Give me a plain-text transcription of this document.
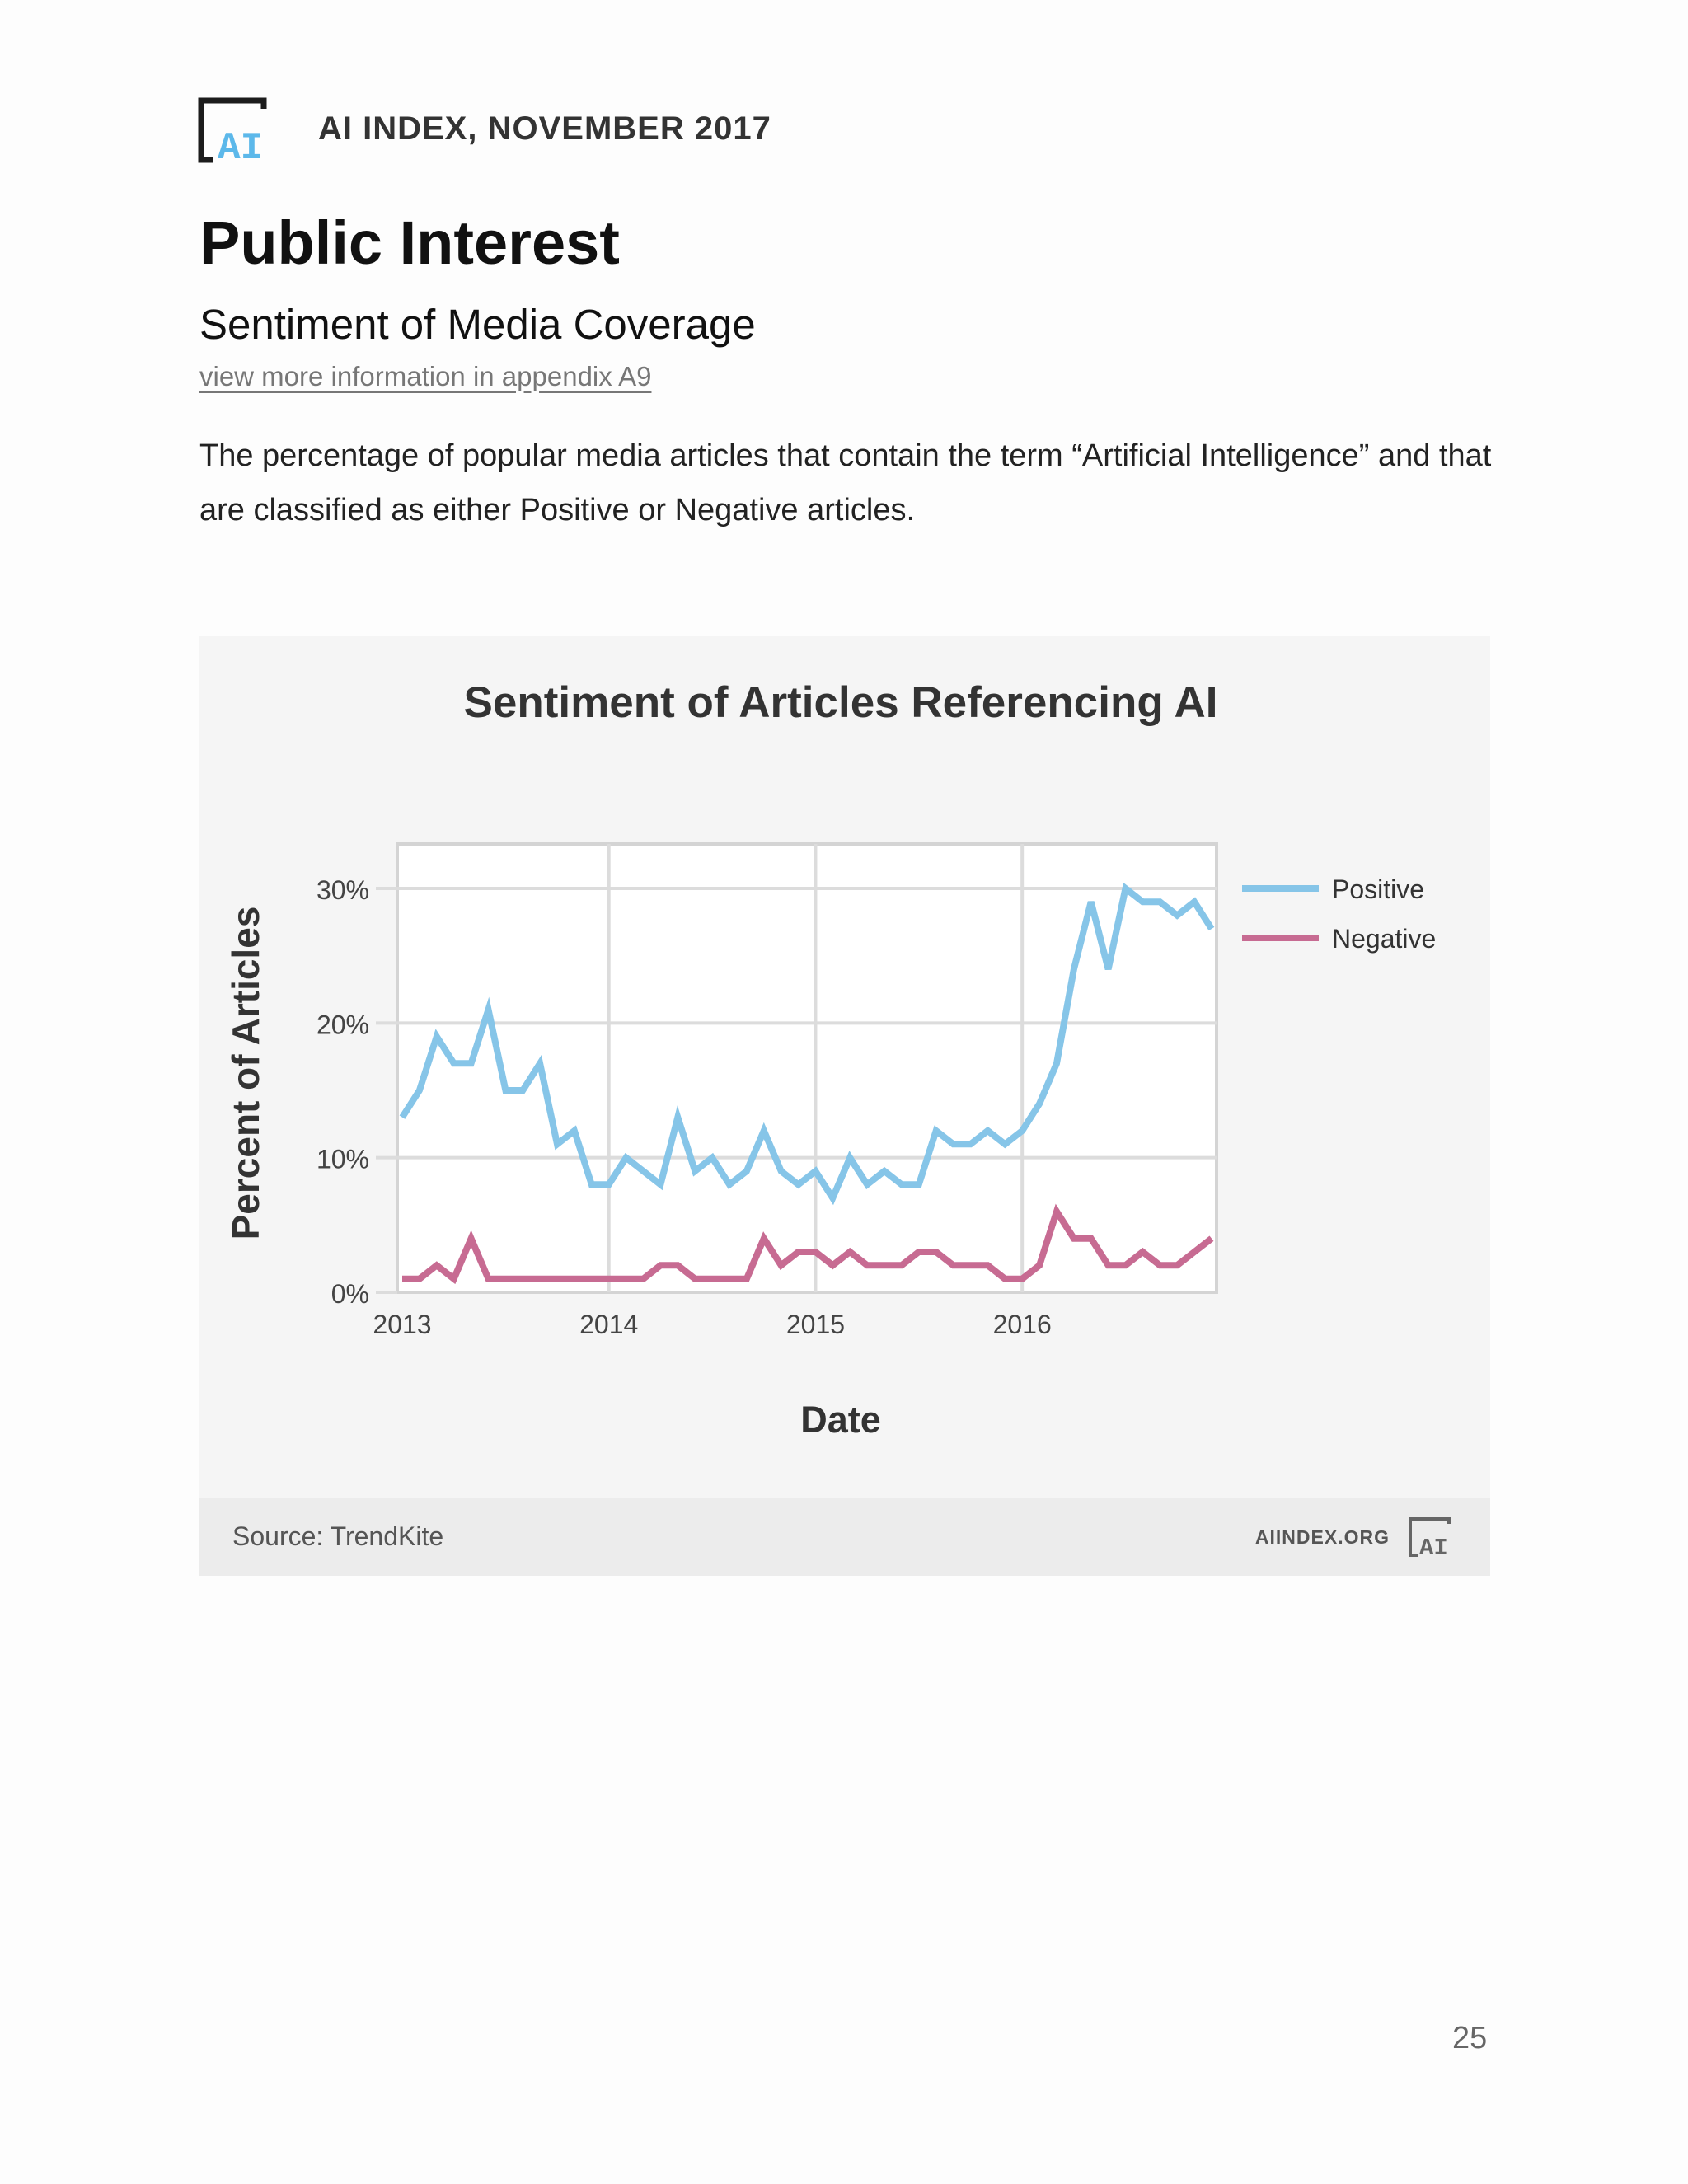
AI AI INDEX, NOVEMBER 2017
Public Interest
Sentiment of Media Coverage
view more information in appendix A9
The percentage of popular media articles that contain the term “Artificial Intelligence” and that are classified as either Positive or Negative articles.
Sentiment of Articles Referencing AI
0%
10%
20%
30%
2013	2014	2015	2016
Date
Percent of Articles
Positive
Negative
Source: TrendKite	AIINDEX.ORG AI
25
